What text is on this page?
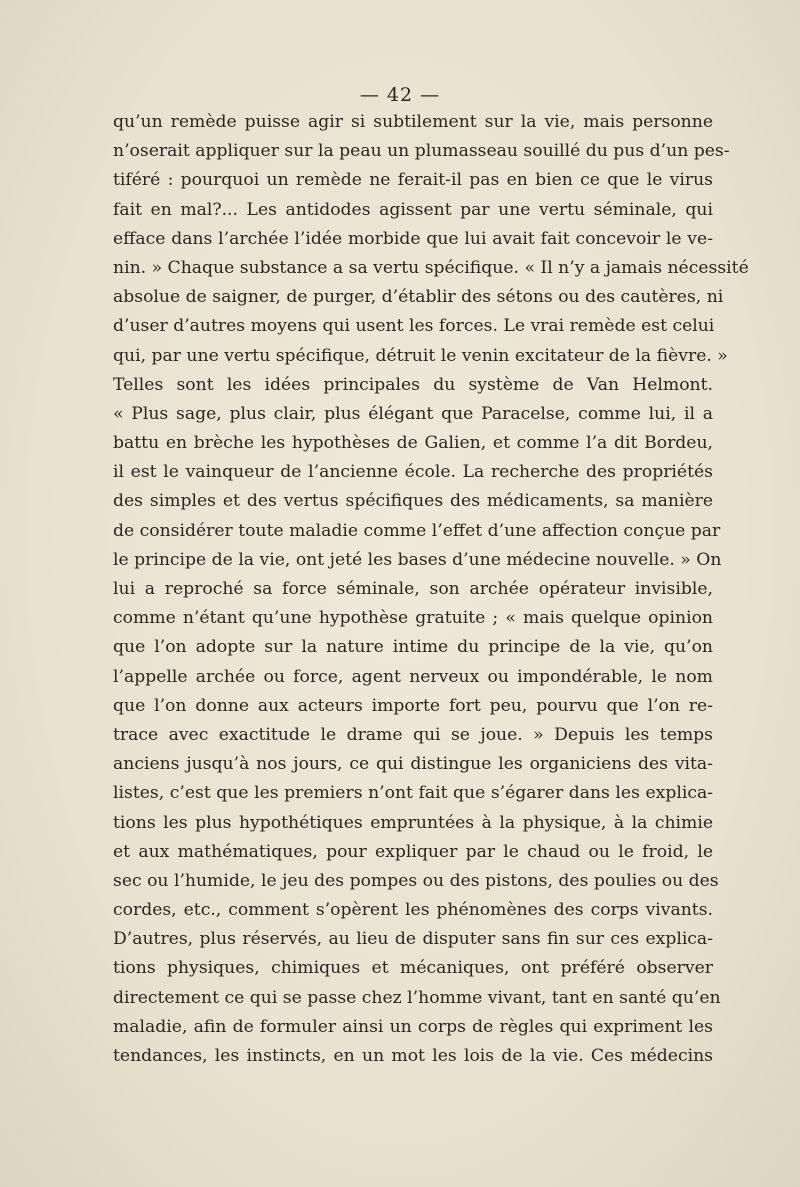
— 42 —
qu’un remède puisse agir si subtilement sur la vie, mais personne
n’oserait appliquer sur la peau un plumasseau souillé du pus d’un pes-
tiféré : pourquoi un remède ne ferait-il pas en bien ce que le virus
fait en mal?... Les antidodes agissent par une vertu séminale, qui
efface dans l’archée l’idée morbide que lui avait fait concevoir le ve-
nin. » Chaque substance a sa vertu spécifique. « Il n’y a jamais nécessité
absolue de saigner, de purger, d’établir des sétons ou des cautères, ni
d’user d’autres moyens qui usent les forces. Le vrai remède est celui
qui, par une vertu spécifique, détruit le venin excitateur de la fièvre. »
Telles sont les idées principales du système de Van Helmont.
« Plus sage, plus clair, plus élégant que Paracelse, comme lui, il a
battu en brèche les hypothèses de Galien, et comme l’a dit Bordeu,
il est le vainqueur de l’ancienne école. La recherche des propriétés
des simples et des vertus spécifiques des médicaments, sa manière
de considérer toute maladie comme l’effet d’une affection conçue par
le principe de la vie, ont jeté les bases d’une médecine nouvelle. » On
lui a reproché sa force séminale, son archée opérateur invisible,
comme n’étant qu’une hypothèse gratuite ; « mais quelque opinion
que l’on adopte sur la nature intime du principe de la vie, qu’on
l’appelle archée ou force, agent nerveux ou impondérable, le nom
que l’on donne aux acteurs importe fort peu, pourvu que l’on re-
trace avec exactitude le drame qui se joue. » Depuis les temps
anciens jusqu’à nos jours, ce qui distingue les organiciens des vita-
listes, c’est que les premiers n’ont fait que s’égarer dans les explica-
tions les plus hypothétiques empruntées à la physique, à la chimie
et aux mathématiques, pour expliquer par le chaud ou le froid, le
sec ou l’humide, le jeu des pompes ou des pistons, des poulies ou des
cordes, etc., comment s’opèrent les phénomènes des corps vivants.
D’autres, plus réservés, au lieu de disputer sans fin sur ces explica-
tions physiques, chimiques et mécaniques, ont préféré observer
directement ce qui se passe chez l’homme vivant, tant en santé qu’en
maladie, afin de formuler ainsi un corps de règles qui expriment les
tendances, les instincts, en un mot les lois de la vie. Ces médecins
